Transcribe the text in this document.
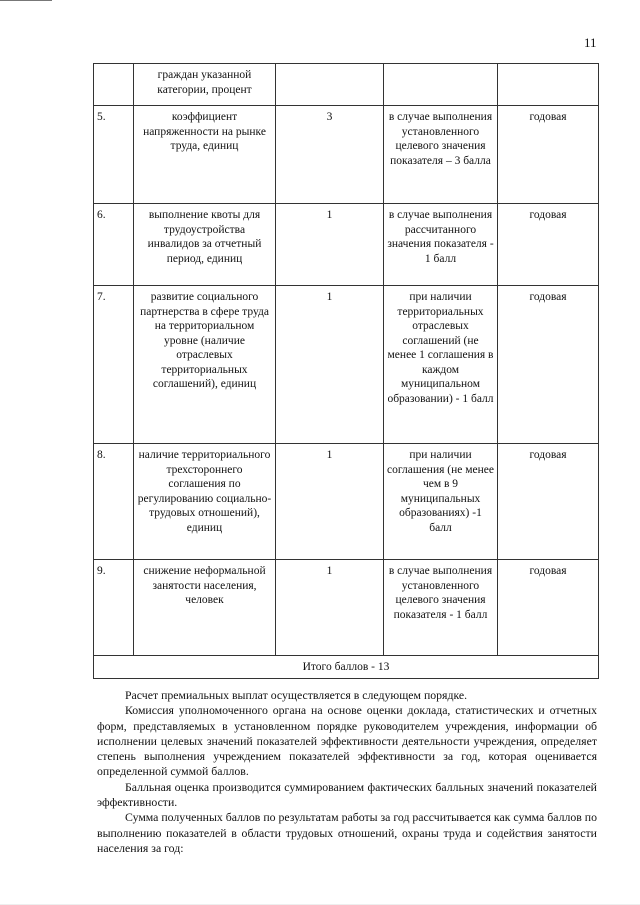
11
	граждан указанной категории, процент			
5.	коэффициент напряженности на рынке труда, единиц	3	в случае выполнения установленного целевого значения показателя – 3 балла	годовая
6.	выполнение квоты для трудоустройства инвалидов за отчетный период, единиц	1	в случае выполнения рассчитанного значения показателя - 1 балл	годовая
7.	развитие социального партнерства в сфере труда на территориальном уровне (наличие отраслевых территориальных соглашений), единиц	1	при наличии территориальных отраслевых соглашений (не менее 1 соглашения в каждом муниципальном образовании) - 1 балл	годовая
8.	наличие территориального трехстороннего соглашения по регулированию социально-трудовых отношений), единиц	1	при наличии соглашения (не менее чем в 9 муниципальных образованиях) -1 балл	годовая
9.	снижение неформальной занятости населения, человек	1	в случае выполнения установленного целевого значения показателя - 1 балл	годовая
Итого баллов - 13				

Расчет премиальных выплат осуществляется в следующем порядке.

Комиссия уполномоченного органа на основе оценки доклада, статистических и отчетных форм, представляемых в установленном порядке руководителем учреждения, информации об исполнении целевых значений показателей эффективности деятельности учреждения, определяет степень выполнения учреждением показателей эффективности за год, которая оценивается определенной суммой баллов.

Балльная оценка производится суммированием фактических балльных значений показателей эффективности.

Сумма полученных баллов по результатам работы за год рассчитывается как сумма баллов по выполнению показателей в области трудовых отношений, охраны труда и содействия занятости населения за год:
